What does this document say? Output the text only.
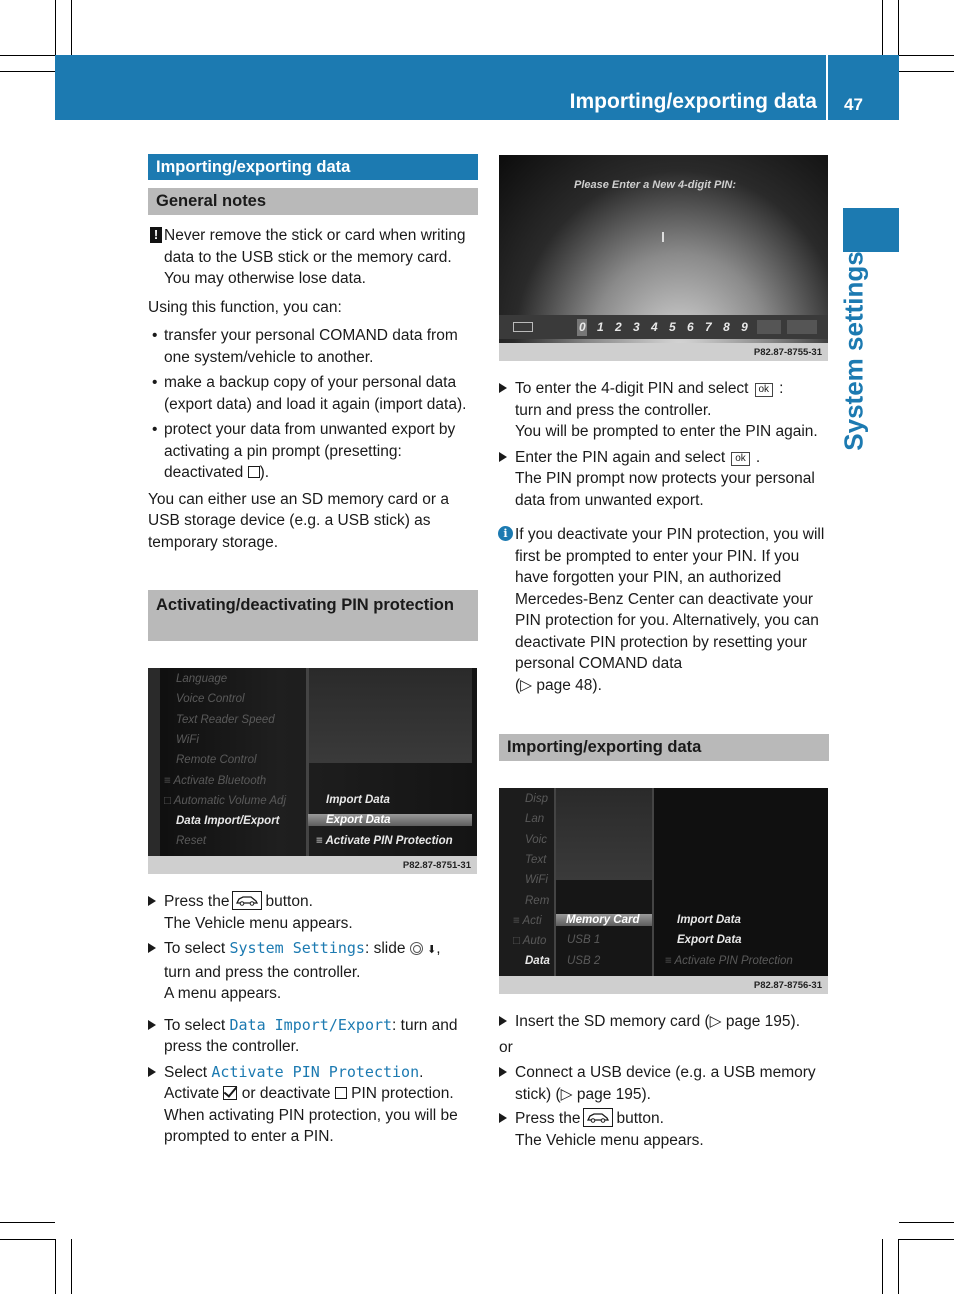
Importing/exporting data 47
System settings
Importing/exporting data
General notes
! Never remove the stick or card when writing data to the USB stick or the memory card. You may otherwise lose data.
Using this function, you can:
• transfer your personal COMAND data from one system/vehicle to another.
• make a backup copy of your personal data (export data) and load it again (import data).
• protect your data from unwanted export by activating a pin prompt (presetting: deactivated ).
You can either use an SD memory card or a USB storage device (e.g. a USB stick) as temporary storage.
Activating/deactivating PIN protection
Language
Voice Control
Text Reader Speed
WiFi
Remote Control
≡ Activate Bluetooth
□ Automatic Volume Adj
Data Import/Export
Reset
Import Data
Export Data
≡ Activate PIN Protection
P82.87-8751-31
Press the button.
The Vehicle menu appears.
To select System Settings: slide ⬇,
turn and press the controller.
A menu appears.
To select Data Import/Export: turn and press the controller.
Select Activate PIN Protection.
Activate or deactivate PIN protection. When activating PIN protection, you will be prompted to enter a PIN.
Please Enter a New 4-digit PIN:
0 1 2 3 4 5 6 7 8 9
P82.87-8755-31
To enter the 4-digit PIN and select ok :
turn and press the controller.
You will be prompted to enter the PIN again.
Enter the PIN again and select ok .
The PIN prompt now protects your personal data from unwanted export.
i If you deactivate your PIN protection, you will first be prompted to enter your PIN. If you have forgotten your PIN, an authorized Mercedes-Benz Center can deactivate your PIN protection for you. Alternatively, you can deactivate PIN protection by resetting your personal COMAND data
(▷ page 48).
Importing/exporting data
Disp
Lan
Voic
Text
WiFi
Rem
≡ Acti
□ Auto
Data
Memory Card
USB 1
USB 2
Import Data
Export Data
≡ Activate PIN Protection
P82.87-8756-31
Insert the SD memory card (▷ page 195).
or
Connect a USB device (e.g. a USB memory stick) (▷ page 195).
Press the button.
The Vehicle menu appears.
